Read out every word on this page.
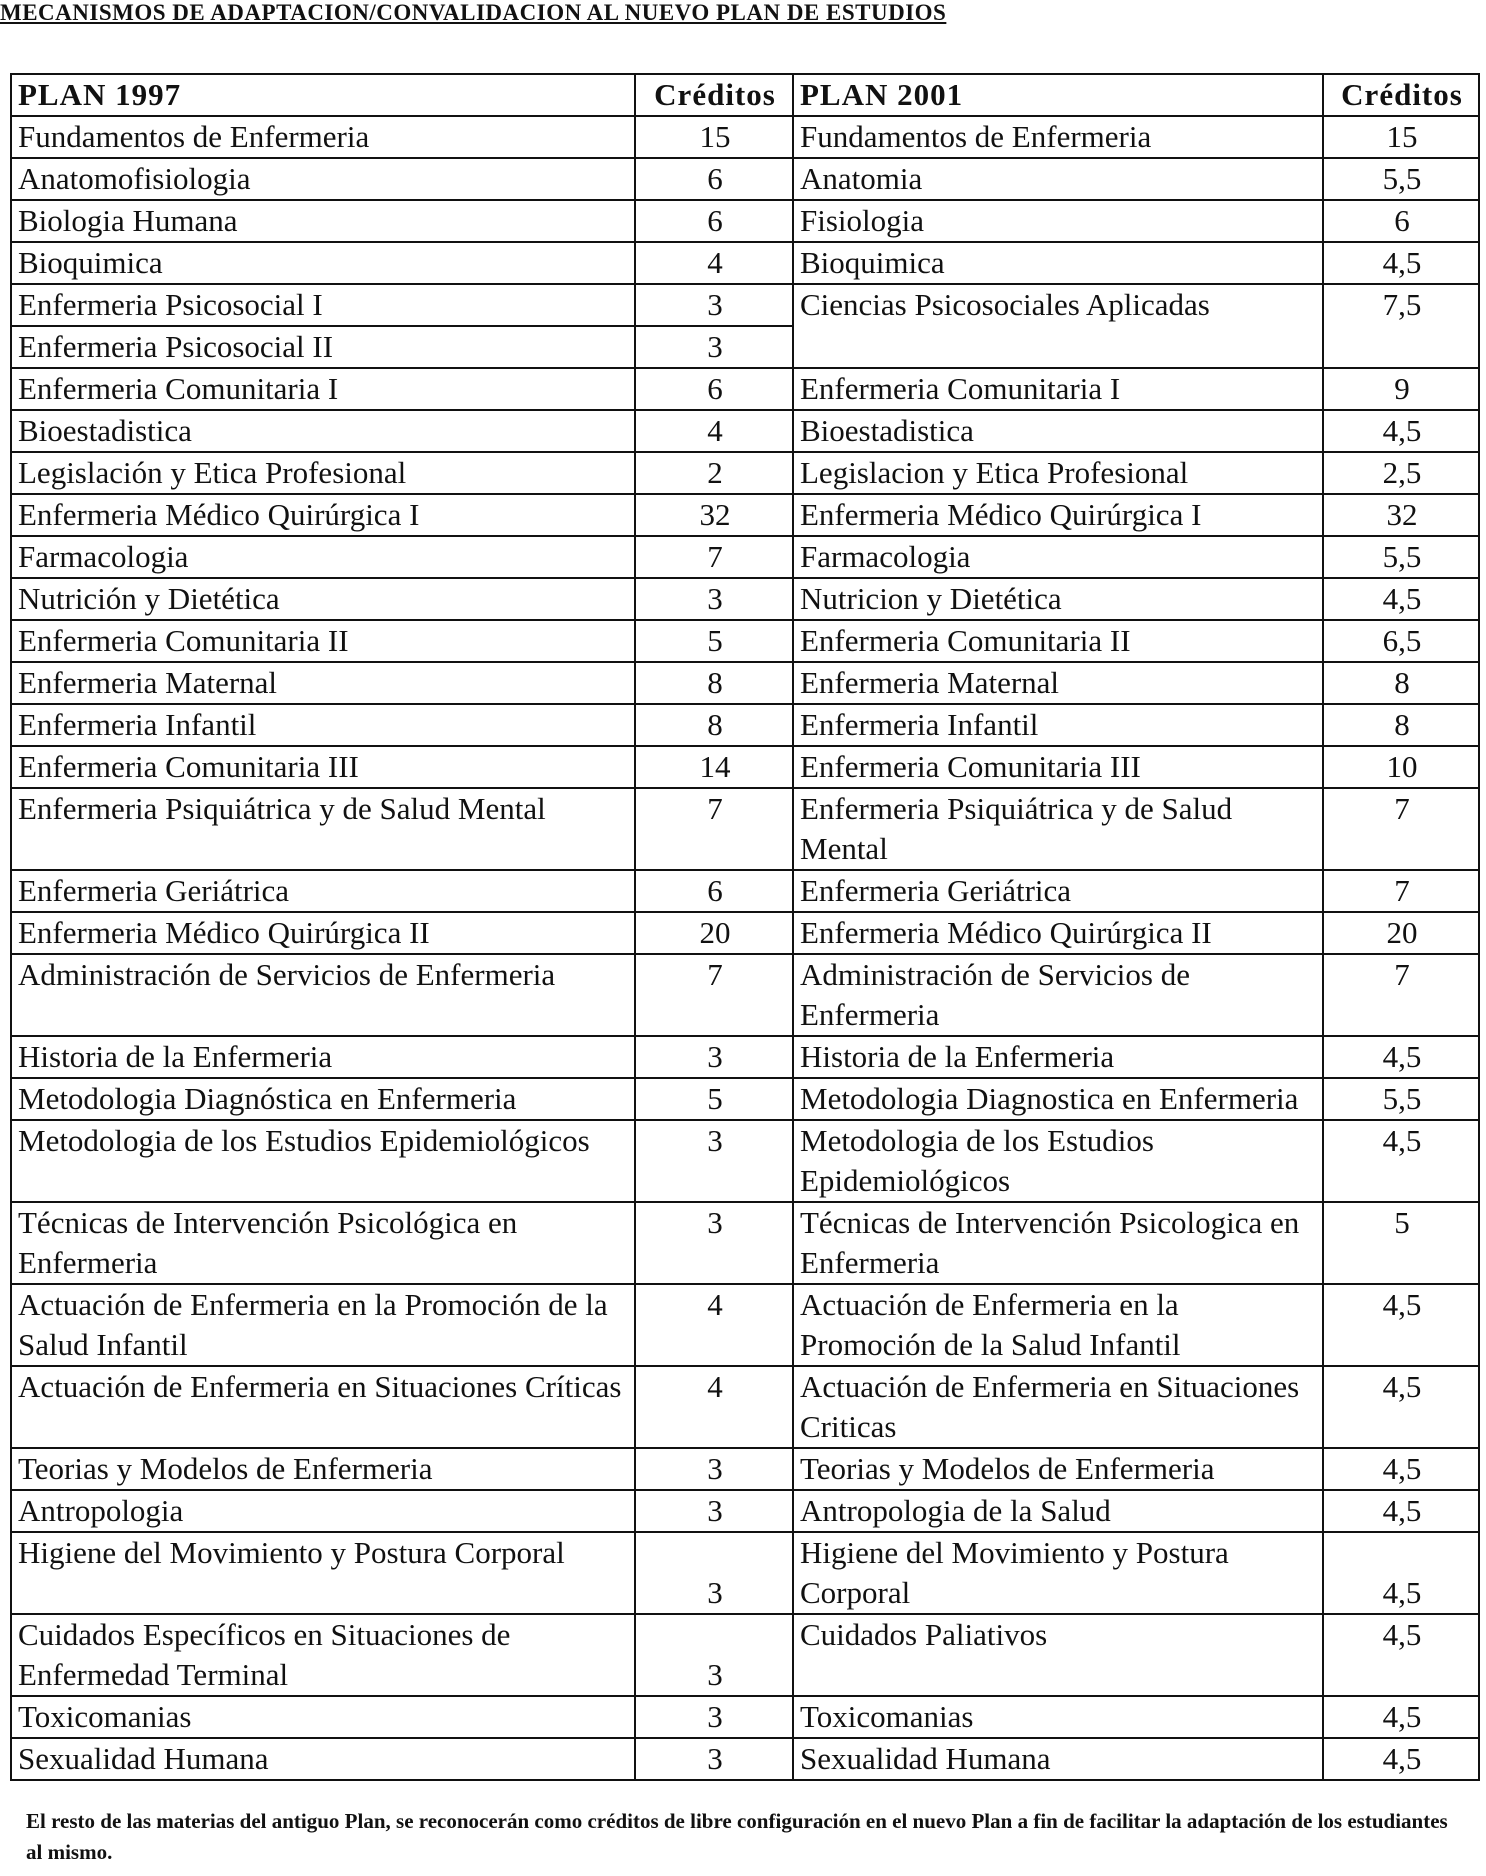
MECANISMOS DE ADAPTACION/CONVALIDACION AL NUEVO PLAN DE ESTUDIOS
PLAN 1997	Créditos	PLAN 2001	Créditos
Fundamentos de Enfermeria	15	Fundamentos de Enfermeria	15
Anatomofisiologia	6	Anatomia	5,5
Biologia Humana	6	Fisiologia	6
Bioquimica	4	Bioquimica	4,5
Enfermeria Psicosocial I	3	Ciencias Psicosociales Aplicadas	7,5
Enfermeria Psicosocial II	3		
Enfermeria Comunitaria I	6	Enfermeria Comunitaria I	9
Bioestadistica	4	Bioestadistica	4,5
Legislación y Etica Profesional	2	Legislacion y Etica Profesional	2,5
Enfermeria Médico Quirúrgica I	32	Enfermeria Médico Quirúrgica I	32
Farmacologia	7	Farmacologia	5,5
Nutrición y Dietética	3	Nutricion y Dietética	4,5
Enfermeria Comunitaria II	5	Enfermeria Comunitaria II	6,5
Enfermeria Maternal	8	Enfermeria Maternal	8
Enfermeria Infantil	8	Enfermeria Infantil	8
Enfermeria Comunitaria III	14	Enfermeria Comunitaria III	10
Enfermeria Psiquiátrica y de Salud Mental	7	Enfermeria Psiquiátrica y de Salud Mental	7
Enfermeria Geriátrica	6	Enfermeria Geriátrica	7
Enfermeria Médico Quirúrgica II	20	Enfermeria Médico Quirúrgica II	20
Administración de Servicios de Enfermeria	7	Administración de Servicios de Enfermeria	7
Historia de la Enfermeria	3	Historia de la Enfermeria	4,5
Metodologia Diagnóstica en Enfermeria	5	Metodologia Diagnostica en Enfermeria	5,5
Metodologia de los Estudios Epidemiológicos	3	Metodologia de los Estudios Epidemiológicos	4,5
Técnicas de Intervención Psicológica en Enfermeria	3	Técnicas de Intervención Psicologica en Enfermeria	5
Actuación de Enfermeria en la Promoción de la Salud Infantil	4	Actuación de Enfermeria en la Promoción de la Salud Infantil	4,5
Actuación de Enfermeria en Situaciones Críticas	4	Actuación de Enfermeria en Situaciones Criticas	4,5
Teorias y Modelos de Enfermeria	3	Teorias y Modelos de Enfermeria	4,5
Antropologia	3	Antropologia de la Salud	4,5
Higiene del Movimiento y Postura Corporal	3	Higiene del Movimiento y Postura Corporal	4,5
Cuidados Específicos en Situaciones de Enfermedad Terminal	3	Cuidados Paliativos	4,5
Toxicomanias	3	Toxicomanias	4,5
Sexualidad Humana	3	Sexualidad Humana	4,5
El resto de las materias del antiguo Plan, se reconocerán como créditos de libre configuración en el nuevo Plan a fin de facilitar la adaptación de los estudiantes al mismo.
